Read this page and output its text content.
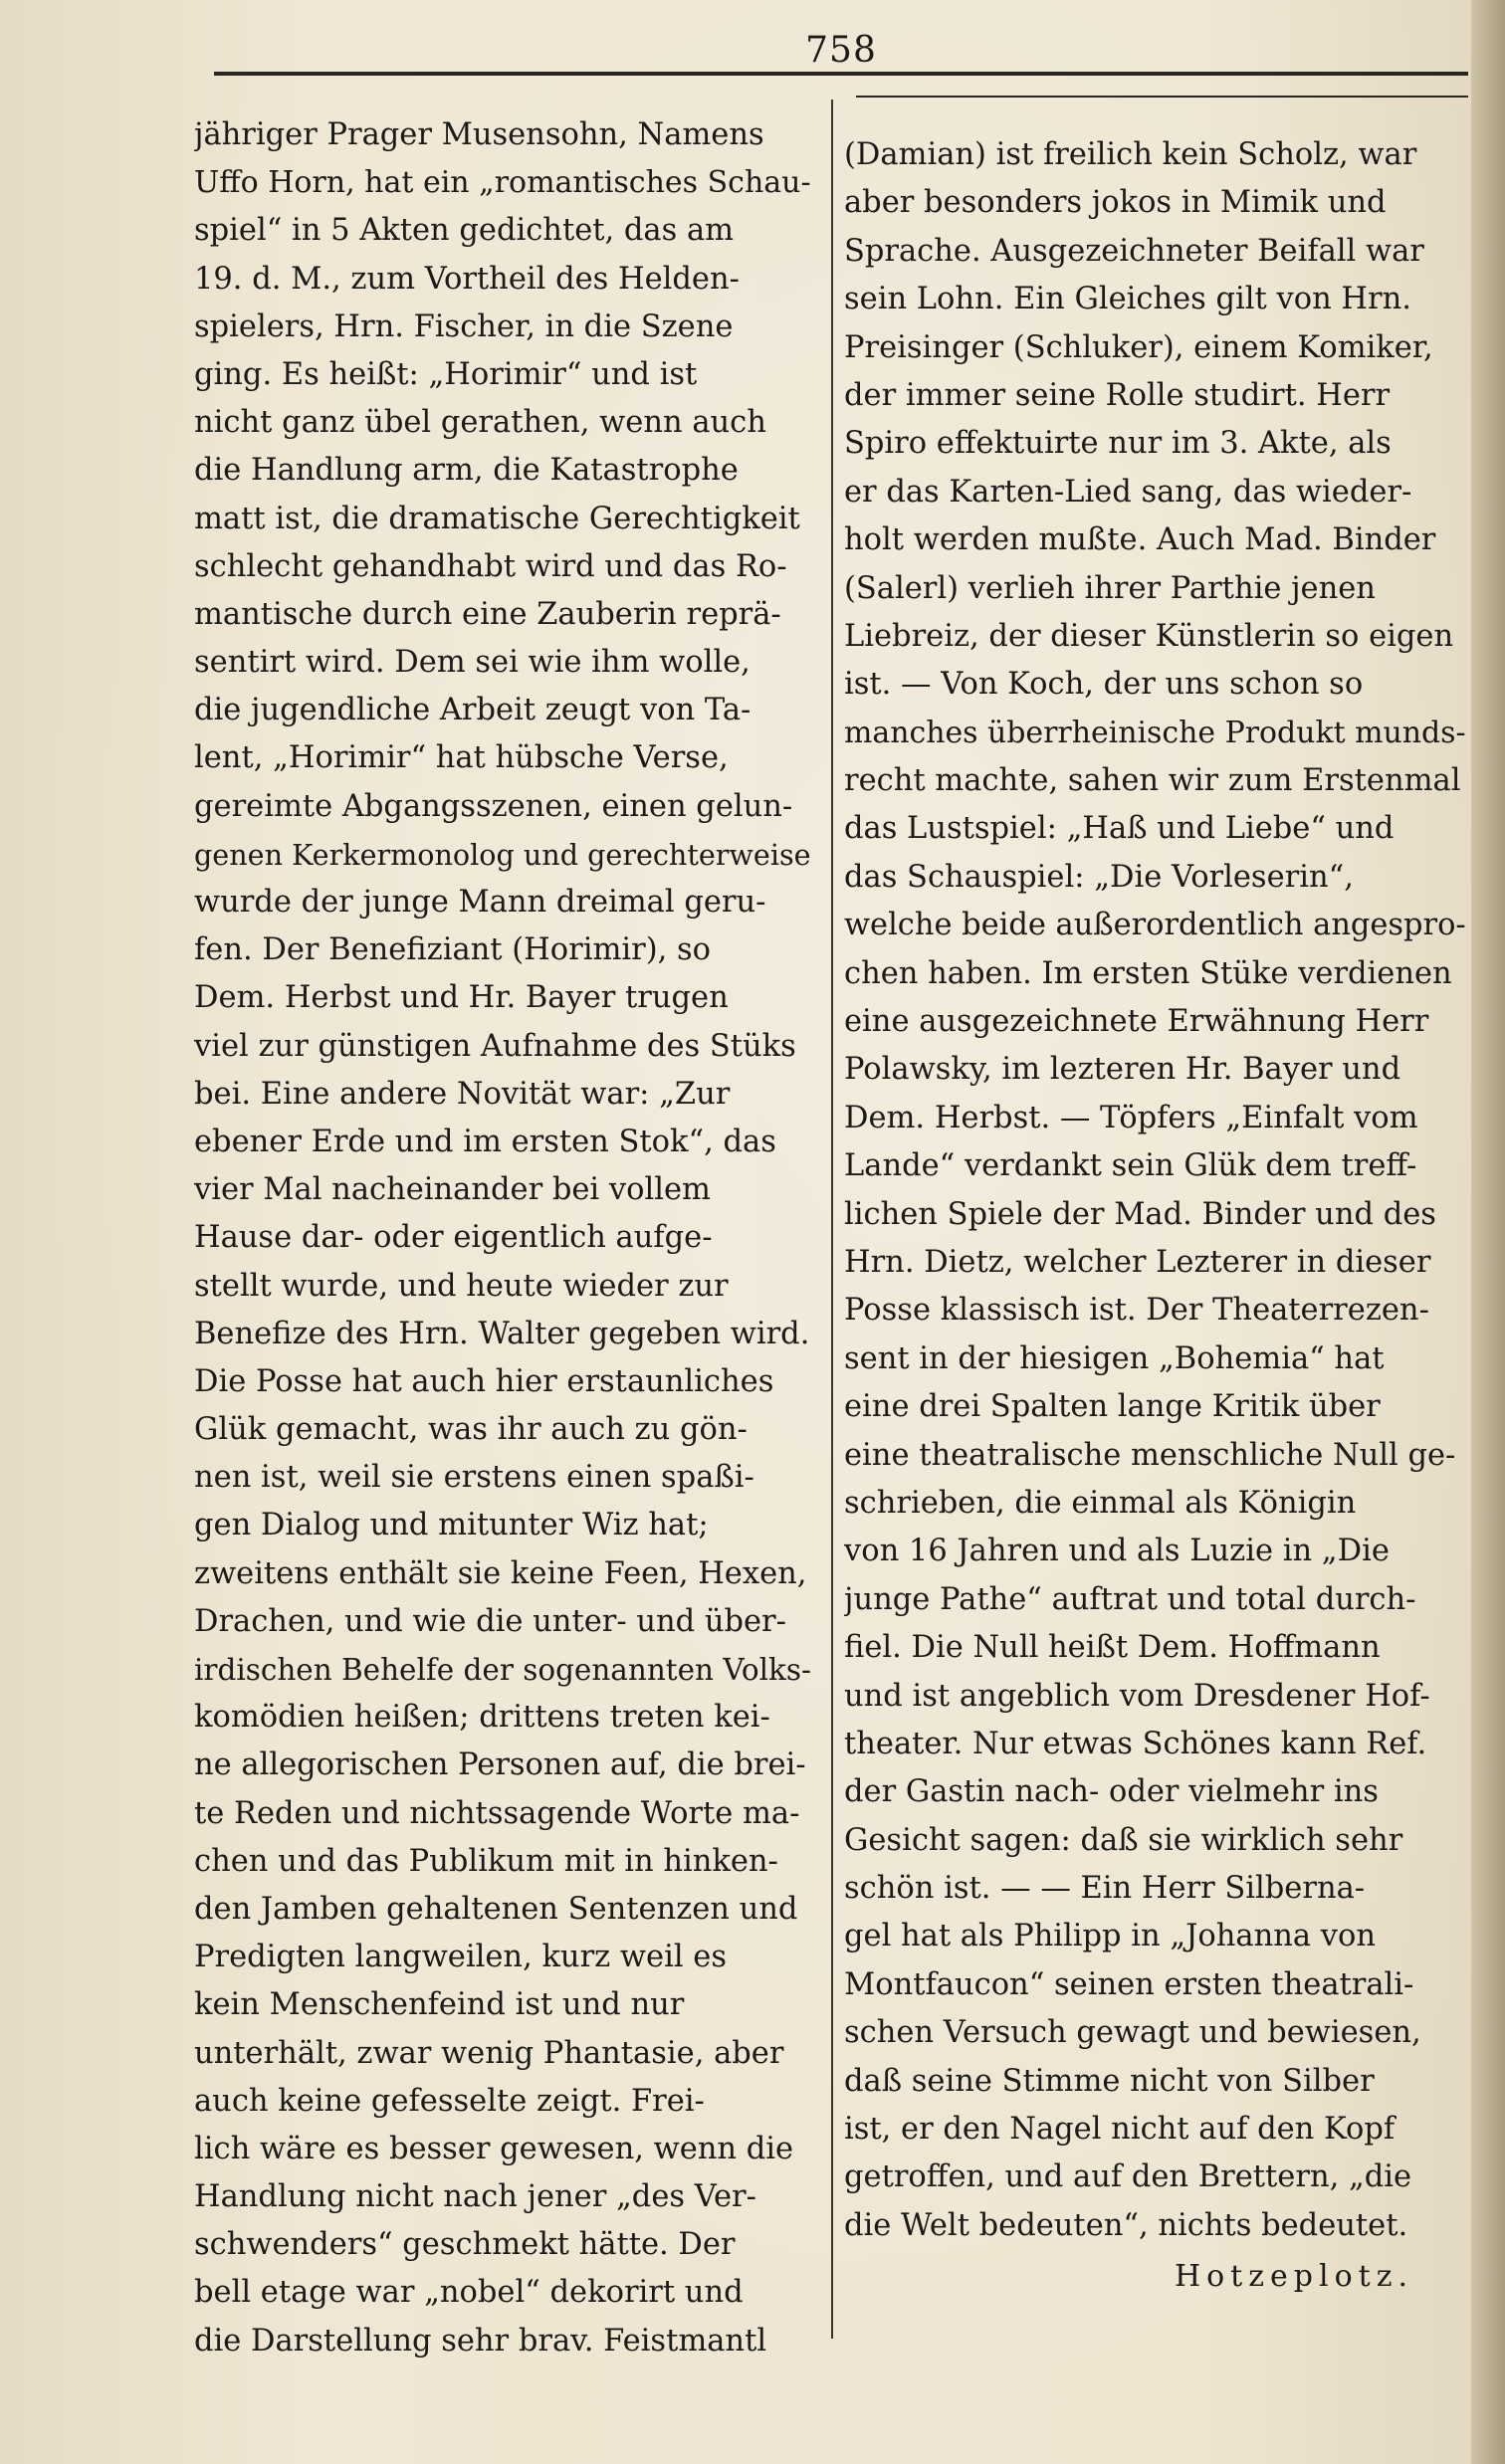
758
jähriger Prager Musensohn, Namens
Uffo Horn, hat ein „romantisches Schau-
spiel“ in 5 Akten gedichtet, das am
19. d. M., zum Vortheil des Helden-
spielers, Hrn. Fischer, in die Szene
ging. Es heißt: „Horimir“ und ist
nicht ganz übel gerathen, wenn auch
die Handlung arm, die Katastrophe
matt ist, die dramatische Gerechtigkeit
schlecht gehandhabt wird und das Ro-
mantische durch eine Zauberin reprä-
sentirt wird. Dem sei wie ihm wolle,
die jugendliche Arbeit zeugt von Ta-
lent, „Horimir“ hat hübsche Verse,
gereimte Abgangsszenen, einen gelun-
genen Kerkermonolog und gerechterweise
wurde der junge Mann dreimal geru-
fen. Der Benefiziant (Horimir), so
Dem. Herbst und Hr. Bayer trugen
viel zur günstigen Aufnahme des Stüks
bei. Eine andere Novität war: „Zur
ebener Erde und im ersten Stok“, das
vier Mal nacheinander bei vollem
Hause dar- oder eigentlich aufge-
stellt wurde, und heute wieder zur
Benefize des Hrn. Walter gegeben wird.
Die Posse hat auch hier erstaunliches
Glük gemacht, was ihr auch zu gön-
nen ist, weil sie erstens einen spaßi-
gen Dialog und mitunter Wiz hat;
zweitens enthält sie keine Feen, Hexen,
Drachen, und wie die unter- und über-
irdischen Behelfe der sogenannten Volks-
komödien heißen; drittens treten kei-
ne allegorischen Personen auf, die brei-
te Reden und nichtssagende Worte ma-
chen und das Publikum mit in hinken-
den Jamben gehaltenen Sentenzen und
Predigten langweilen, kurz weil es
kein Menschenfeind ist und nur
unterhält, zwar wenig Phantasie, aber
auch keine gefesselte zeigt. Frei-
lich wäre es besser gewesen, wenn die
Handlung nicht nach jener „des Ver-
schwenders“ geschmekt hätte. Der
bell etage war „nobel“ dekorirt und
die Darstellung sehr brav. Feistmantl
(Damian) ist freilich kein Scholz, war
aber besonders jokos in Mimik und
Sprache. Ausgezeichneter Beifall war
sein Lohn. Ein Gleiches gilt von Hrn.
Preisinger (Schluker), einem Komiker,
der immer seine Rolle studirt. Herr
Spiro effektuirte nur im 3. Akte, als
er das Karten-Lied sang, das wieder-
holt werden mußte. Auch Mad. Binder
(Salerl) verlieh ihrer Parthie jenen
Liebreiz, der dieser Künstlerin so eigen
ist. — Von Koch, der uns schon so
manches überrheinische Produkt munds-
recht machte, sahen wir zum Erstenmal
das Lustspiel: „Haß und Liebe“ und
das Schauspiel: „Die Vorleserin“,
welche beide außerordentlich angespro-
chen haben. Im ersten Stüke verdienen
eine ausgezeichnete Erwähnung Herr
Polawsky, im lezteren Hr. Bayer und
Dem. Herbst. — Töpfers „Einfalt vom
Lande“ verdankt sein Glük dem treff-
lichen Spiele der Mad. Binder und des
Hrn. Dietz, welcher Lezterer in dieser
Posse klassisch ist. Der Theaterrezen-
sent in der hiesigen „Bohemia“ hat
eine drei Spalten lange Kritik über
eine theatralische menschliche Null ge-
schrieben, die einmal als Königin
von 16 Jahren und als Luzie in „Die
junge Pathe“ auftrat und total durch-
fiel. Die Null heißt Dem. Hoffmann
und ist angeblich vom Dresdener Hof-
theater. Nur etwas Schönes kann Ref.
der Gastin nach- oder vielmehr ins
Gesicht sagen: daß sie wirklich sehr
schön ist. — — Ein Herr Silberna-
gel hat als Philipp in „Johanna von
Montfaucon“ seinen ersten theatrali-
schen Versuch gewagt und bewiesen,
daß seine Stimme nicht von Silber
ist, er den Nagel nicht auf den Kopf
getroffen, und auf den Brettern, „die
die Welt bedeuten“, nichts bedeutet.
Hotzeplotz.
